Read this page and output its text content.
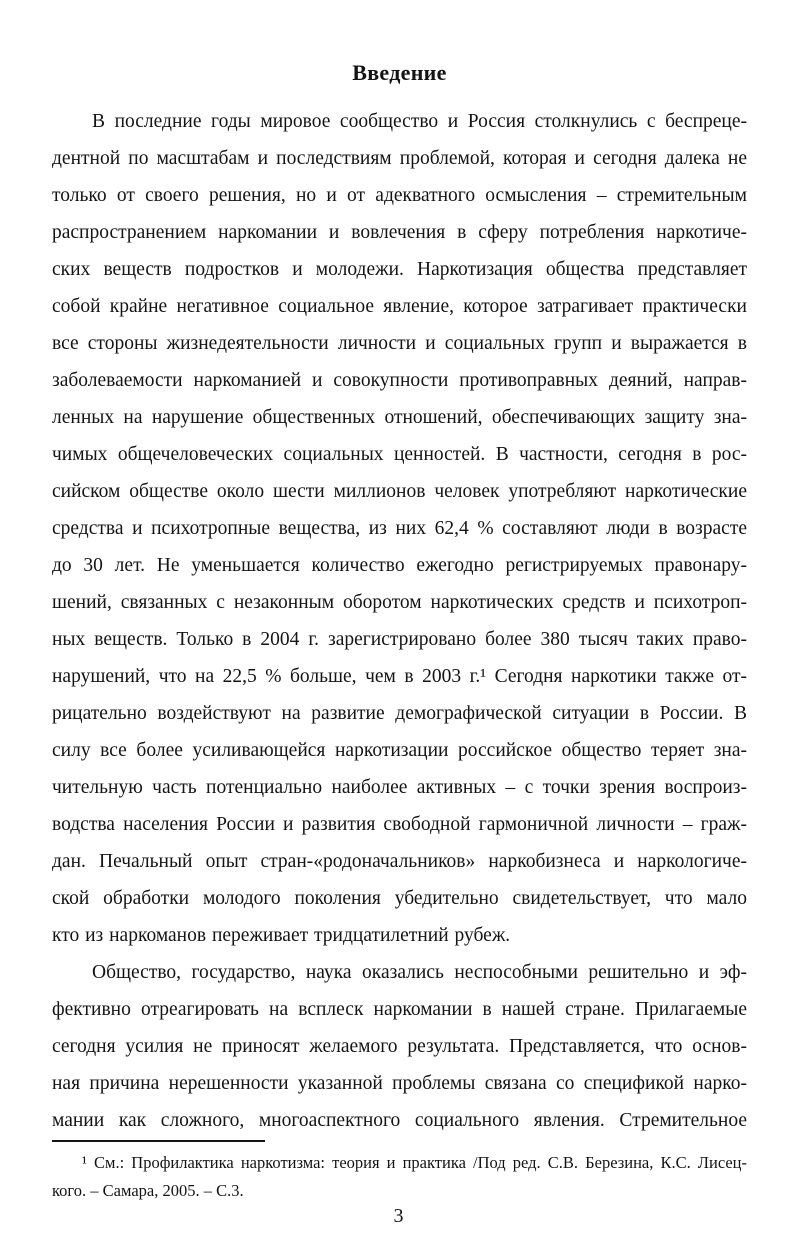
Введение
В последние годы мировое сообщество и Россия столкнулись с беспреце-
дентной по масштабам и последствиям проблемой, которая и сегодня далека не
только от своего решения, но и от адекватного осмысления – стремительным
распространением наркомании и вовлечения в сферу потребления наркотиче-
ских веществ подростков и молодежи. Наркотизация общества представляет
собой крайне негативное социальное явление, которое затрагивает практически
все стороны жизнедеятельности личности и социальных групп и выражается в
заболеваемости наркоманией и совокупности противоправных деяний, направ-
ленных на нарушение общественных отношений, обеспечивающих защиту зна-
чимых общечеловеческих социальных ценностей. В частности, сегодня в рос-
сийском обществе около шести миллионов человек употребляют наркотические
средства и психотропные вещества, из них 62,4 % составляют люди в возрасте
до 30 лет. Не уменьшается количество ежегодно регистрируемых правонару-
шений, связанных с незаконным оборотом наркотических средств и психотроп-
ных веществ. Только в 2004 г. зарегистрировано более 380 тысяч таких право-
нарушений, что на 22,5 % больше, чем в 2003 г.¹ Сегодня наркотики также от-
рицательно воздействуют на развитие демографической ситуации в России. В
силу все более усиливающейся наркотизации российское общество теряет зна-
чительную часть потенциально наиболее активных – с точки зрения воспроиз-
водства населения России и развития свободной гармоничной личности – граж-
дан. Печальный опыт стран-«родоначальников» наркобизнеса и наркологиче-
ской обработки молодого поколения убедительно свидетельствует, что мало
кто из наркоманов переживает тридцатилетний рубеж.
Общество, государство, наука оказались неспособными решительно и эф-
фективно отреагировать на всплеск наркомании в нашей стране. Прилагаемые
сегодня усилия не приносят желаемого результата. Представляется, что основ-
ная причина нерешенности указанной проблемы связана со спецификой нарко-
мании как сложного, многоаспектного социального явления. Стремительное
¹ См.: Профилактика наркотизма: теория и практика /Под ред. С.В. Березина, К.С. Лисец-
кого. – Самара, 2005. – С.3.
3
